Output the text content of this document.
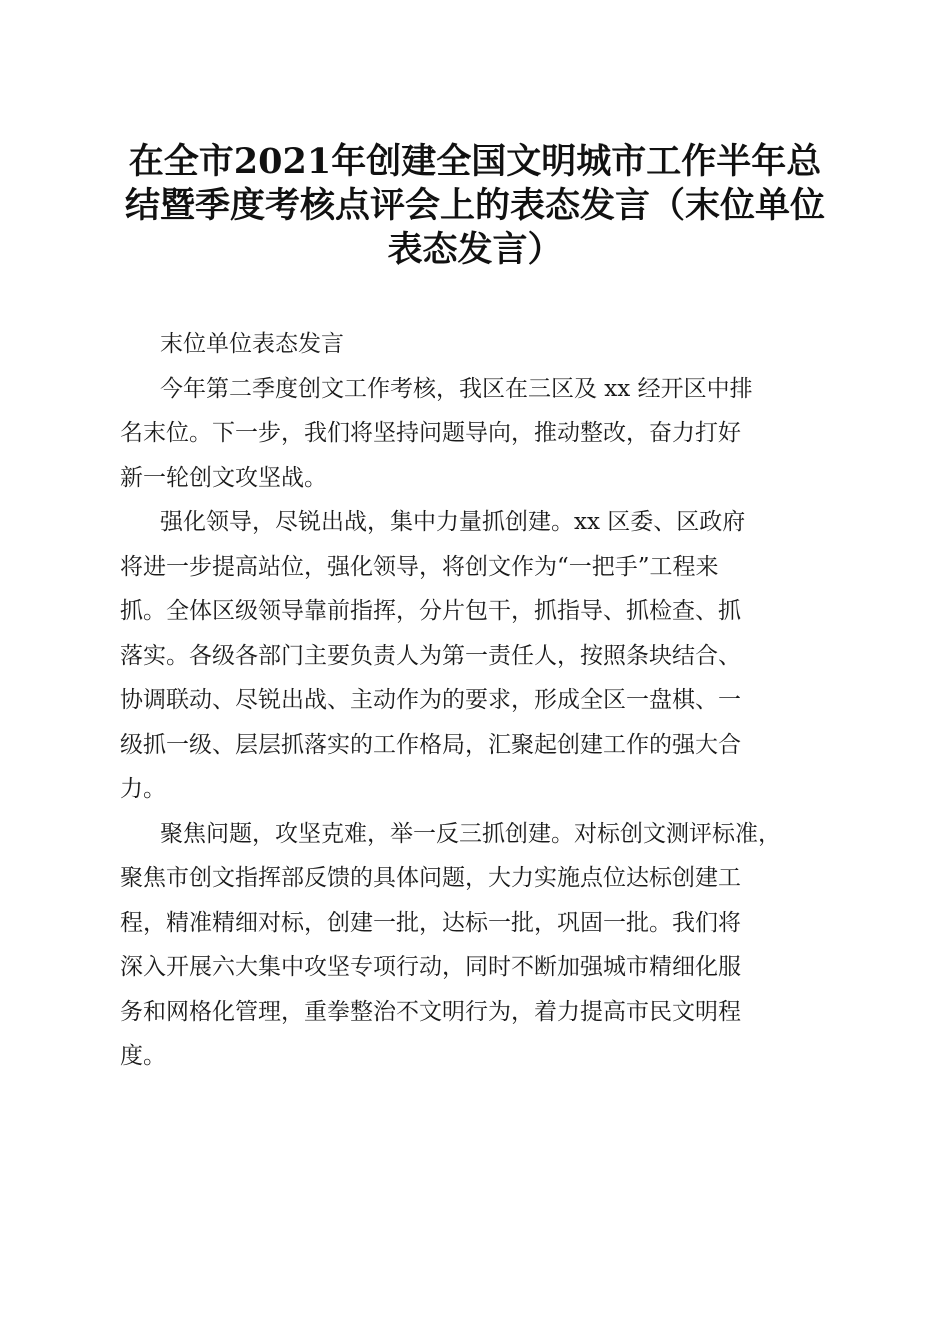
在全市2021年创建全国文明城市工作半年总
结暨季度考核点评会上的表态发言（末位单位
表态发言）
末位单位表态发言
今年第二季度创文工作考核，我区在三区及 xx 经开区中排
名末位。下一步，我们将坚持问题导向，推动整改，奋力打好
新一轮创文攻坚战。
强化领导，尽锐出战，集中力量抓创建。xx 区委、区政府
将进一步提高站位，强化领导，将创文作为“一把手”工程来
抓。全体区级领导靠前指挥，分片包干，抓指导、抓检查、抓
落实。各级各部门主要负责人为第一责任人，按照条块结合、
协调联动、尽锐出战、主动作为的要求，形成全区一盘棋、一
级抓一级、层层抓落实的工作格局，汇聚起创建工作的强大合
力。
聚焦问题，攻坚克难，举一反三抓创建。对标创文测评标准，
聚焦市创文指挥部反馈的具体问题，大力实施点位达标创建工
程，精准精细对标，创建一批，达标一批，巩固一批。我们将
深入开展六大集中攻坚专项行动，同时不断加强城市精细化服
务和网格化管理，重拳整治不文明行为，着力提高市民文明程
度。
